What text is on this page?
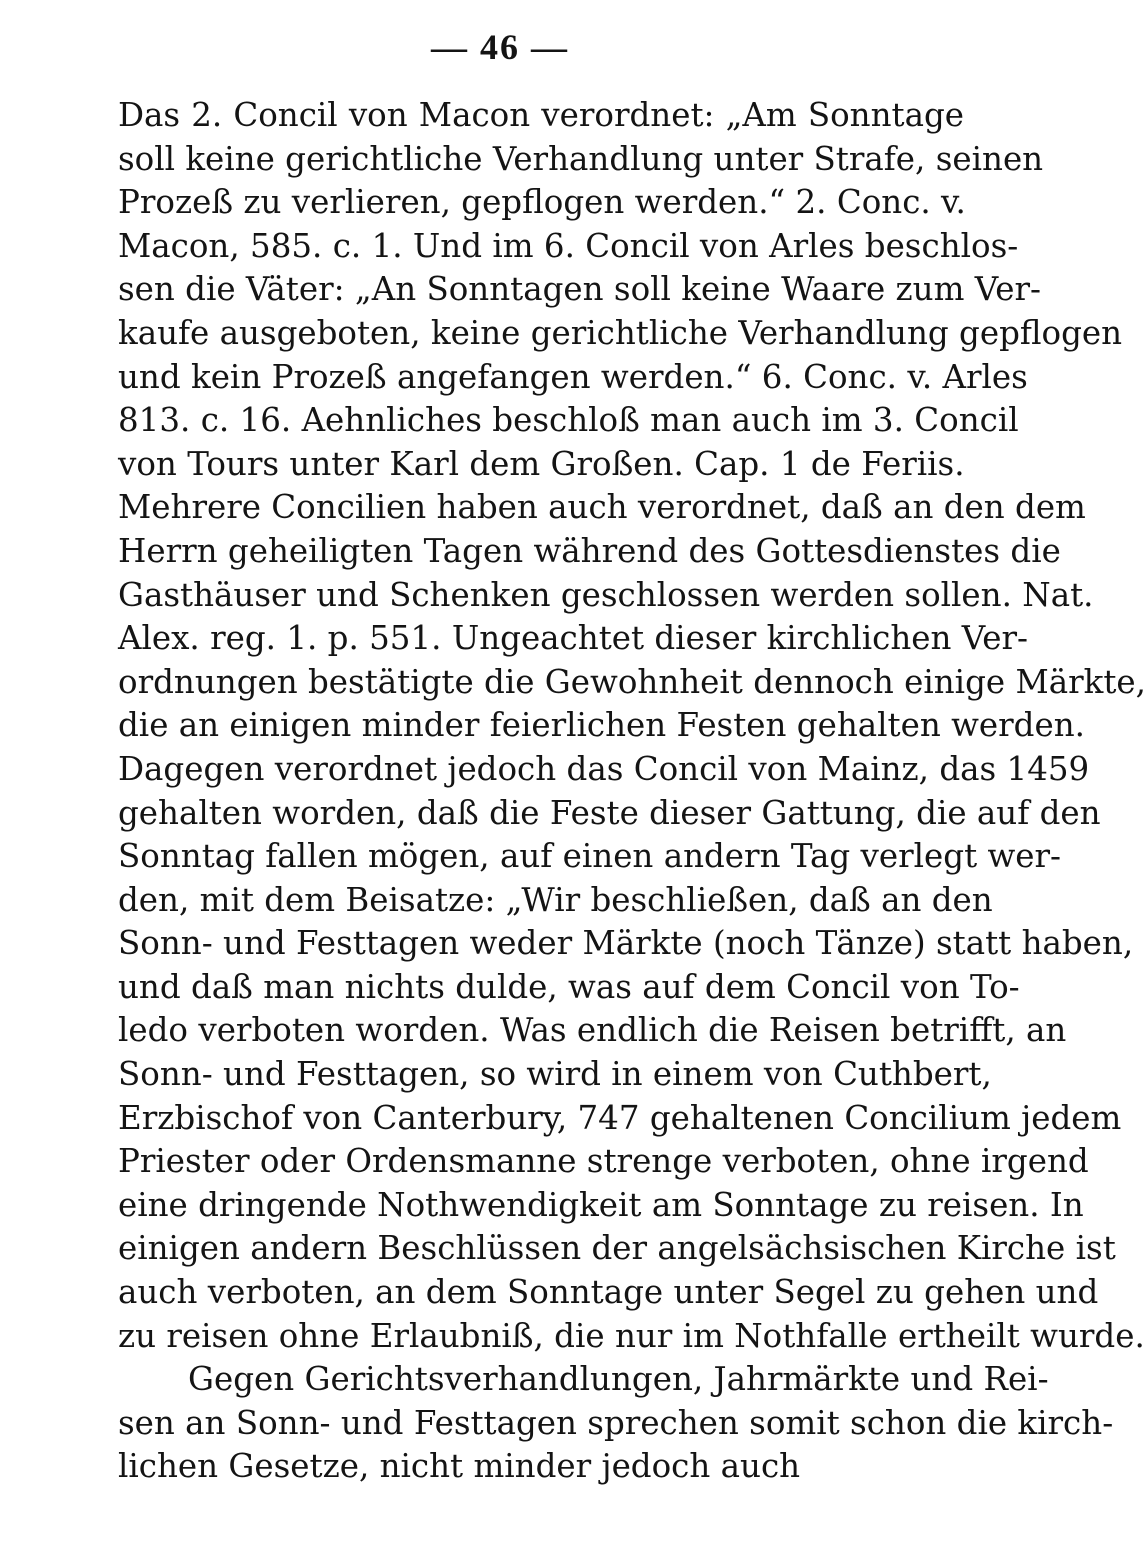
— 46 —
Das 2. Concil von Macon verordnet: „Am Sonntage
soll keine gerichtliche Verhandlung unter Strafe, seinen
Prozeß zu verlieren, gepflogen werden.“ 2. Conc. v.
Macon, 585. c. 1. Und im 6. Concil von Arles beschlos-
sen die Väter: „An Sonntagen soll keine Waare zum Ver-
kaufe ausgeboten, keine gerichtliche Verhandlung gepflogen
und kein Prozeß angefangen werden.“ 6. Conc. v. Arles
813. c. 16. Aehnliches beschloß man auch im 3. Concil
von Tours unter Karl dem Großen. Cap. 1 de Feriis.
Mehrere Concilien haben auch verordnet, daß an den dem
Herrn geheiligten Tagen während des Gottesdienstes die
Gasthäuser und Schenken geschlossen werden sollen. Nat.
Alex. reg. 1. p. 551. Ungeachtet dieser kirchlichen Ver-
ordnungen bestätigte die Gewohnheit dennoch einige Märkte,
die an einigen minder feierlichen Festen gehalten werden.
Dagegen verordnet jedoch das Concil von Mainz, das 1459
gehalten worden, daß die Feste dieser Gattung, die auf den
Sonntag fallen mögen, auf einen andern Tag verlegt wer-
den, mit dem Beisatze: „Wir beschließen, daß an den
Sonn- und Festtagen weder Märkte (noch Tänze) statt haben,
und daß man nichts dulde, was auf dem Concil von To-
ledo verboten worden. Was endlich die Reisen betrifft, an
Sonn- und Festtagen, so wird in einem von Cuthbert,
Erzbischof von Canterbury, 747 gehaltenen Concilium jedem
Priester oder Ordensmanne strenge verboten, ohne irgend
eine dringende Nothwendigkeit am Sonntage zu reisen. In
einigen andern Beschlüssen der angelsächsischen Kirche ist
auch verboten, an dem Sonntage unter Segel zu gehen und
zu reisen ohne Erlaubniß, die nur im Nothfalle ertheilt wurde.
Gegen Gerichtsverhandlungen, Jahrmärkte und Rei-
sen an Sonn- und Festtagen sprechen somit schon die kirch-
lichen Gesetze, nicht minder jedoch auch
